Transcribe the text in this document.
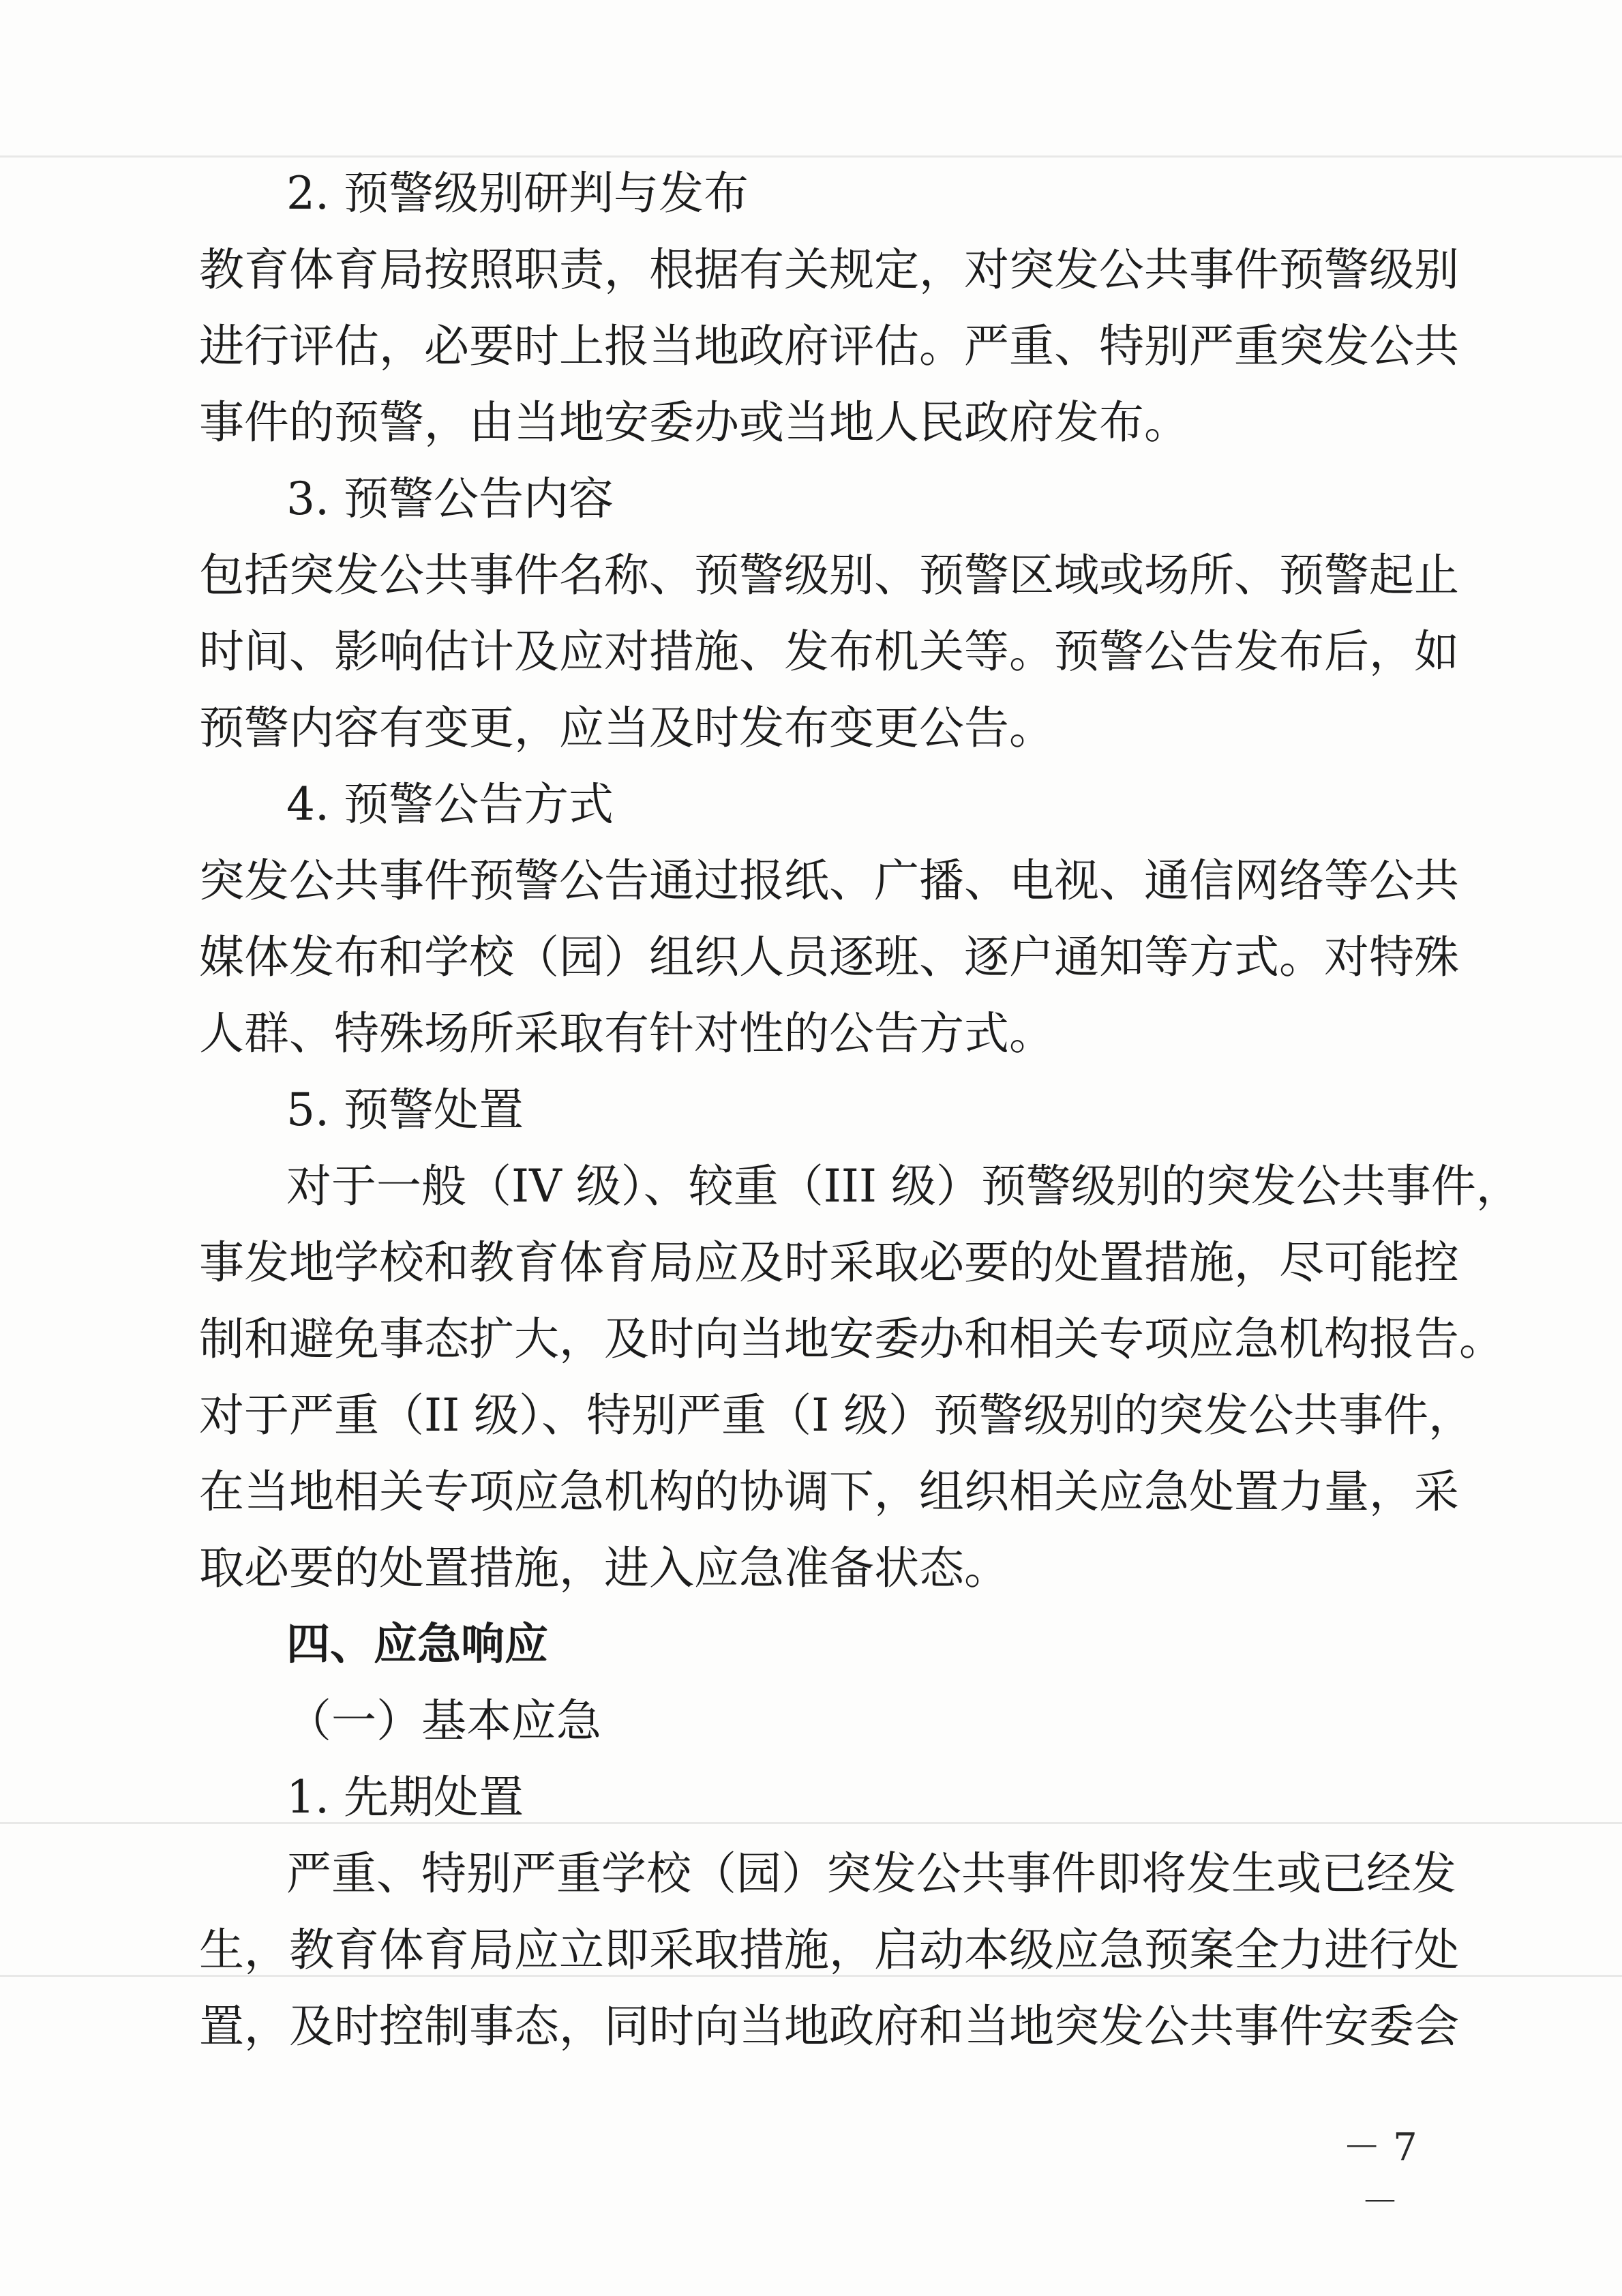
2. 预警级别研判与发布
教育体育局按照职责，根据有关规定，对突发公共事件预警级别
进行评估，必要时上报当地政府评估。严重、特别严重突发公共
事件的预警，由当地安委办或当地人民政府发布。
3. 预警公告内容
包括突发公共事件名称、预警级别、预警区域或场所、预警起止
时间、影响估计及应对措施、发布机关等。预警公告发布后，如
预警内容有变更，应当及时发布变更公告。
4. 预警公告方式
突发公共事件预警公告通过报纸、广播、电视、通信网络等公共
媒体发布和学校（园）组织人员逐班、逐户通知等方式。对特殊
人群、特殊场所采取有针对性的公告方式。
5. 预警处置
对于一般（IV 级）、较重（III 级）预警级别的突发公共事件，
事发地学校和教育体育局应及时采取必要的处置措施，尽可能控
制和避免事态扩大，及时向当地安委办和相关专项应急机构报告。
对于严重（II 级）、特别严重（I 级）预警级别的突发公共事件，
在当地相关专项应急机构的协调下，组织相关应急处置力量，采
取必要的处置措施，进入应急准备状态。
四、应急响应
（一）基本应急
1. 先期处置
严重、特别严重学校（园）突发公共事件即将发生或已经发
生，教育体育局应立即采取措施，启动本级应急预案全力进行处
置，及时控制事态，同时向当地政府和当地突发公共事件安委会
－ 7 －
